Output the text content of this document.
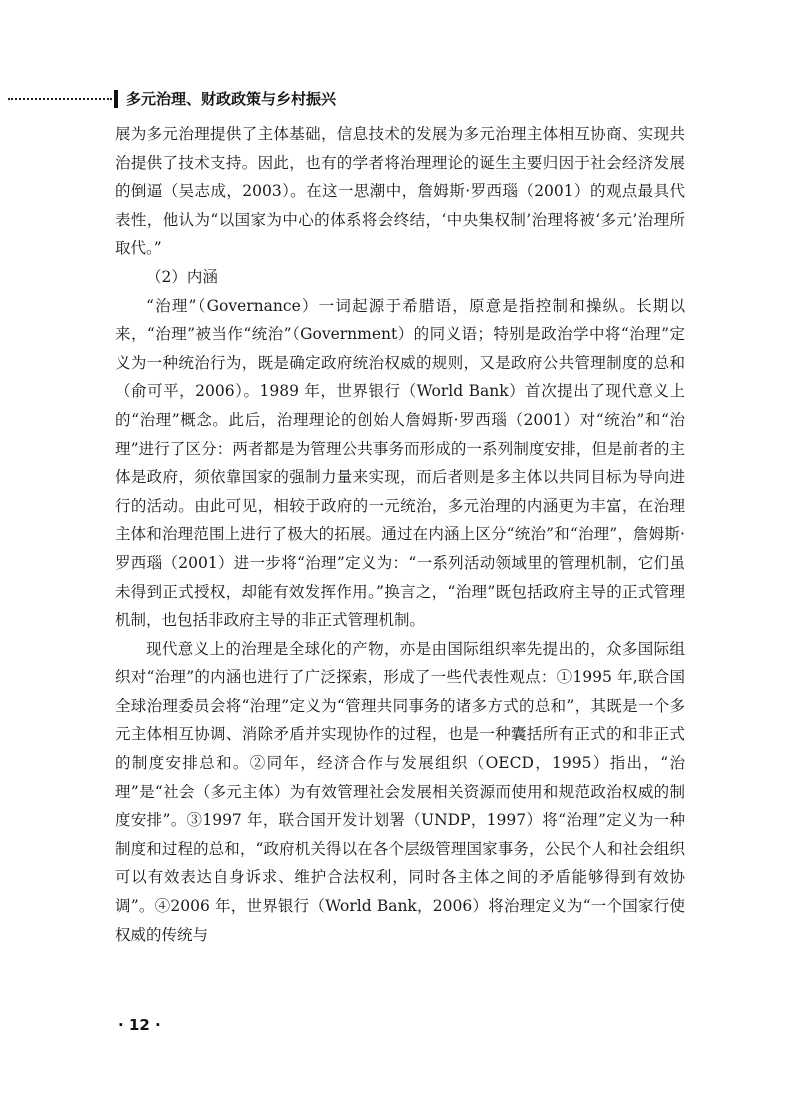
多元治理、财政政策与乡村振兴

展为多元治理提供了主体基础，信息技术的发展为多元治理主体相互协商、实现共治提供了技术支持。因此，也有的学者将治理理论的诞生主要归因于社会经济发展的倒逼（吴志成，2003）。在这一思潮中，詹姆斯·罗西瑙（2001）的观点最具代表性，他认为“以国家为中心的体系将会终结，‘中央集权制’治理将被‘多元’治理所取代。”

（2）内涵

“治理”（Governance）一词起源于希腊语，原意是指控制和操纵。长期以来，“治理”被当作“统治”（Government）的同义语；特别是政治学中将“治理”定义为一种统治行为，既是确定政府统治权威的规则，又是政府公共管理制度的总和（俞可平，2006）。1989 年，世界银行（World Bank）首次提出了现代意义上的“治理”概念。此后，治理理论的创始人詹姆斯·罗西瑙（2001）对“统治”和“治理”进行了区分：两者都是为管理公共事务而形成的一系列制度安排，但是前者的主体是政府，须依靠国家的强制力量来实现，而后者则是多主体以共同目标为导向进行的活动。由此可见，相较于政府的一元统治，多元治理的内涵更为丰富，在治理主体和治理范围上进行了极大的拓展。通过在内涵上区分“统治”和“治理”，詹姆斯·罗西瑙（2001）进一步将“治理”定义为：“一系列活动领域里的管理机制，它们虽未得到正式授权，却能有效发挥作用。”换言之，“治理”既包括政府主导的正式管理机制，也包括非政府主导的非正式管理机制。

现代意义上的治理是全球化的产物，亦是由国际组织率先提出的，众多国际组织对“治理”的内涵也进行了广泛探索，形成了一些代表性观点：①1995 年,联合国全球治理委员会将“治理”定义为“管理共同事务的诸多方式的总和”，其既是一个多元主体相互协调、消除矛盾并实现协作的过程，也是一种囊括所有正式的和非正式的制度安排总和。②同年，经济合作与发展组织（OECD，1995）指出，“治理”是“社会（多元主体）为有效管理社会发展相关资源而使用和规范政治权威的制度安排”。③1997 年，联合国开发计划署（UNDP，1997）将“治理”定义为一种制度和过程的总和，“政府机关得以在各个层级管理国家事务，公民个人和社会组织可以有效表达自身诉求、维护合法权利，同时各主体之间的矛盾能够得到有效协调”。④2006 年，世界银行（World Bank，2006）将治理定义为“一个国家行使权威的传统与

· 12 ·
